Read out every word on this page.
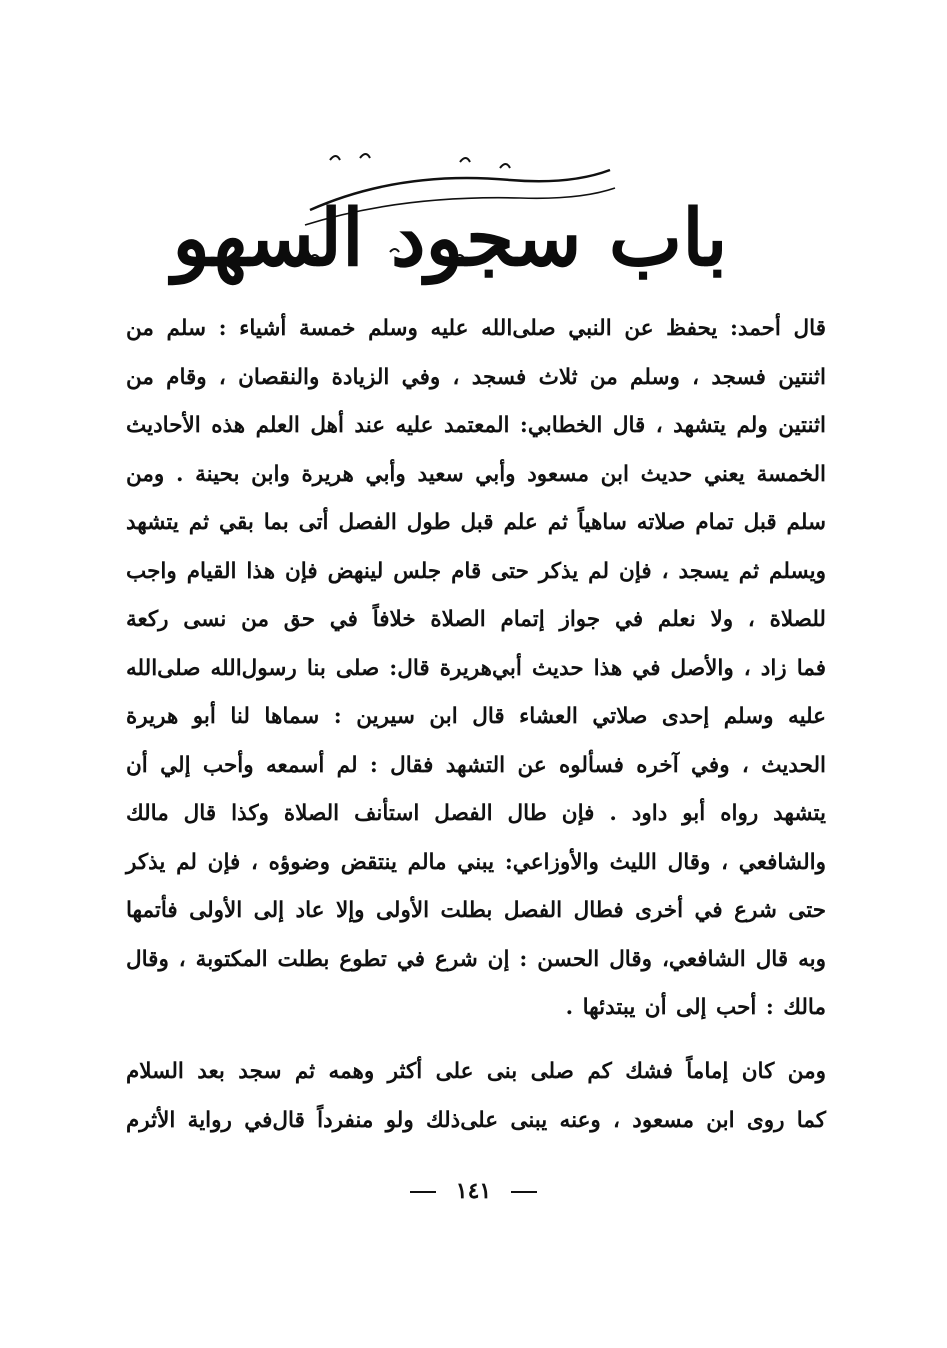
باب سجود السهو
قال أحمد: يحفظ عن النبي صلى‌الله عليه وسلم خمسة أشياء : سلم من
اثنتين فسجد ، وسلم من ثلاث فسجد ، وفي الزيادة والنقصان ، وقام من
اثنتين ولم يتشهد ، قال الخطابي: المعتمد عليه عند أهل العلم هذه الأحاديث
الخمسة يعني حديث ابن مسعود وأبي سعيد وأبي هريرة وابن بحينة . ومن
سلم قبل تمام صلاته ساهياً ثم علم قبل طول الفصل أتى بما بقي ثم يتشهد
ويسلم ثم يسجد ، فإن لم يذكر حتى قام جلس لينهض فإن هذا القيام واجب
للصلاة ، ولا نعلم في جواز إتمام الصلاة خلافاً في حق من نسى ركعة
فما زاد ، والأصل في هذا حديث أبي‌هريرة قال: صلى بنا رسول‌الله صلى‌الله
عليه وسلم إحدى صلاتي العشاء قال ابن سيرين : سماها لنا أبو هريرة
الحديث ، وفي آخره فسألوه عن التشهد فقال : لم أسمعه وأحب إلي أن
يتشهد رواه أبو داود . فإن طال الفصل استأنف الصلاة وكذا قال مالك
والشافعي ، وقال الليث والأوزاعي: يبني مالم ينتقض وضوؤه ، فإن لم يذكر
حتى شرع في أخرى فطال الفصل بطلت الأولى وإلا عاد إلى الأولى فأتمها
وبه قال الشافعي، وقال الحسن : إن شرع في تطوع بطلت المكتوبة ، وقال
مالك : أحب إلى أن يبتدئها .
ومن كان إماماً فشك كم صلى بنى على أكثر وهمه ثم سجد بعد السلام
كما روى ابن مسعود ، وعنه يبنى على‌ذلك ولو منفرداً قال‌في رواية الأثرم
١٤١
